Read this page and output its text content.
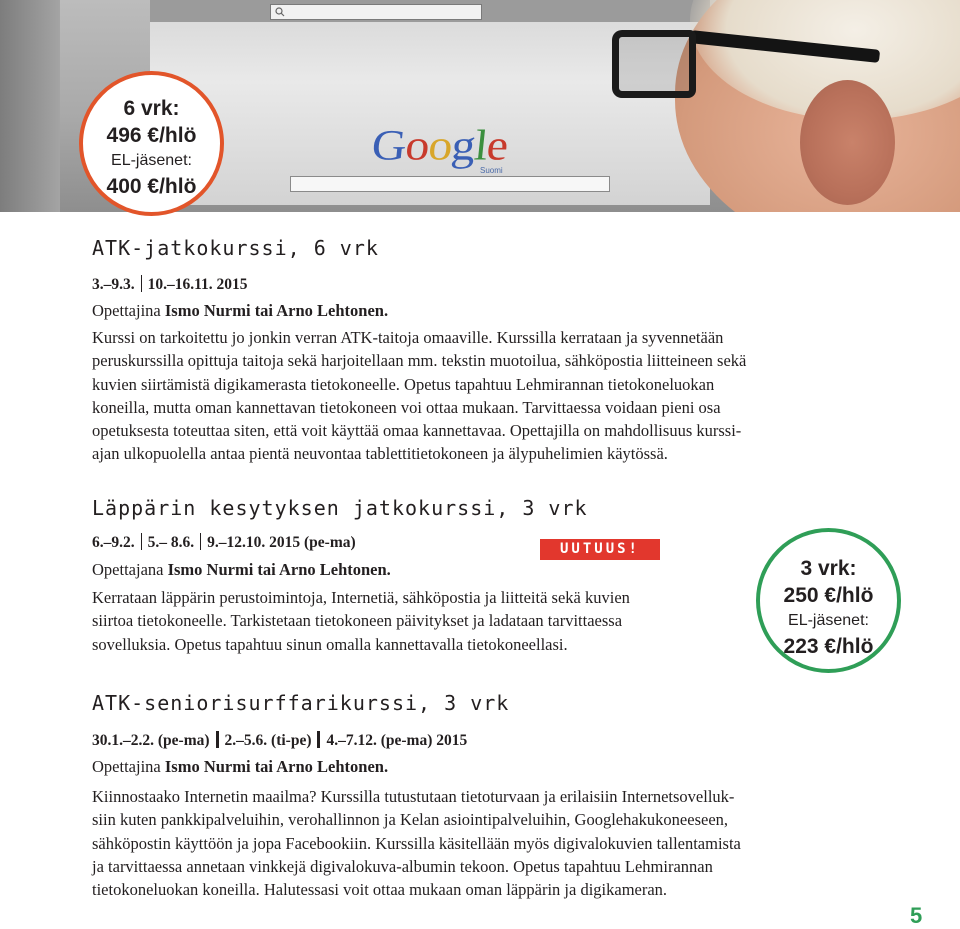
Google
Suomi
6 vrk:
496 €/hlö
EL-jäsenet:
400 €/hlö
ATK-jatkokurssi, 6 vrk
3.–9.3. 10.–16.11. 2015
Opettajina Ismo Nurmi tai Arno Lehtonen.
Kurssi on tarkoitettu jo jonkin verran ATK-taitoja omaaville. Kurssilla kerrataan ja syvennetään
peruskurssilla opittuja taitoja sekä harjoitellaan mm. tekstin muotoilua, sähköpostia liitteineen sekä
kuvien siirtämistä digikamerasta tietokoneelle. Opetus tapahtuu Lehmirannan tietokoneluokan
koneilla, mutta oman kannettavan tietokoneen voi ottaa mukaan. Tarvittaessa voidaan pieni osa
opetuksesta toteuttaa siten, että voit käyttää omaa kannettavaa. Opettajilla on mahdollisuus kurssi-
ajan ulkopuolella antaa pientä neuvontaa tablettitietokoneen ja älypuhelimien käytössä.
Läppärin kesytyksen jatkokurssi, 3 vrk
6.–9.2. 5.– 8.6. 9.–12.10. 2015 (pe-ma)	UUTUUS!
Opettajana Ismo Nurmi tai Arno Lehtonen.
Kerrataan läppärin perustoimintoja, Internetiä, sähköpostia ja liitteitä sekä kuvien
siirtoa tietokoneelle. Tarkistetaan tietokoneen päivitykset ja ladataan tarvittaessa
sovelluksia. Opetus tapahtuu sinun omalla kannettavalla tietokoneellasi.
3 vrk:
250 €/hlö
EL-jäsenet:
223 €/hlö
ATK-seniorisurffarikurssi, 3 vrk
30.1.–2.2. (pe-ma) 2.–5.6. (ti-pe) 4.–7.12. (pe-ma) 2015
Opettajina Ismo Nurmi tai Arno Lehtonen.
Kiinnostaako Internetin maailma? Kurssilla tutustutaan tietoturvaan ja erilaisiin Internetsovelluk-
siin kuten pankkipalveluihin, verohallinnon ja Kelan asiointipalveluihin, Googlehakukoneeseen,
sähköpostin käyttöön ja jopa Facebookiin. Kurssilla käsitellään myös digivalokuvien tallentamista
ja tarvittaessa annetaan vinkkejä digivalokuva-albumin tekoon. Opetus tapahtuu Lehmirannan
tietokoneluokan koneilla. Halutessasi voit ottaa mukaan oman läppärin ja digikameran.
5
